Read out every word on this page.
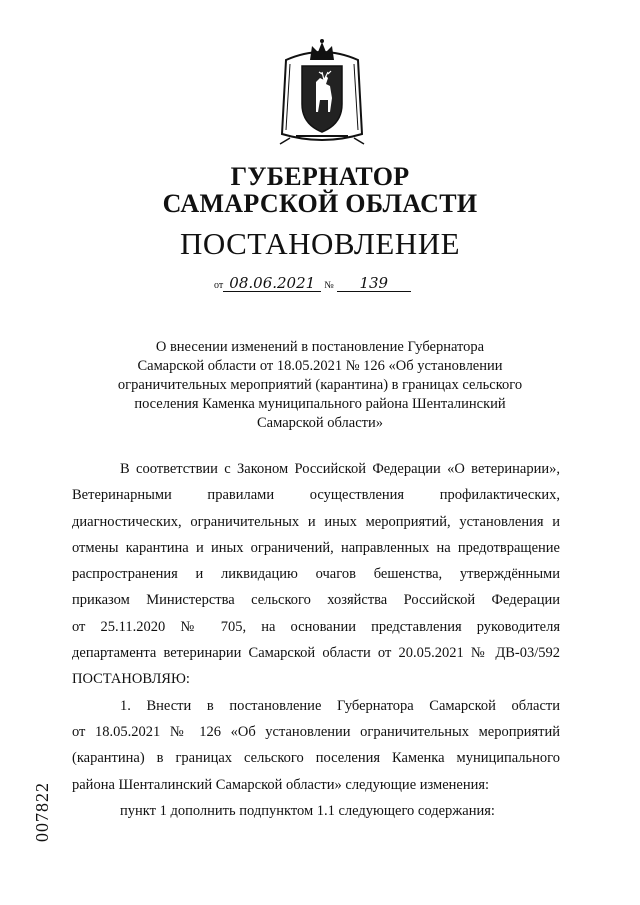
ГУБЕРНАТОР
САМАРСКОЙ ОБЛАСТИ
ПОСТАНОВЛЕНИЕ
от 08.06.2021 № 139
О внесении изменений в постановление Губернатора
Самарской области от 18.05.2021 № 126 «Об установлении
ограничительных мероприятий (карантина) в границах сельского
поселения Каменка муниципального района Шенталинский
Самарской области»
В соответствии с Законом Российской Федерации «О ветеринарии»,
Ветеринарными правилами осуществления профилактических,
диагностических, ограничительных и иных мероприятий, установления и
отмены карантина и иных ограничений, направленных на предотвращение
распространения и ликвидацию очагов бешенства, утверждёнными
приказом Министерства сельского хозяйства Российской Федерации
от 25.11.2020 № 705, на основании представления руководителя
департамента ветеринарии Самарской области от 20.05.2021 № ДВ-03/592
ПОСТАНОВЛЯЮ:
1. Внести в постановление Губернатора Самарской области
от 18.05.2021 № 126 «Об установлении ограничительных мероприятий
(карантина) в границах сельского поселения Каменка муниципального
района Шенталинский Самарской области» следующие изменения:
пункт 1 дополнить подпунктом 1.1 следующего содержания:
007822
